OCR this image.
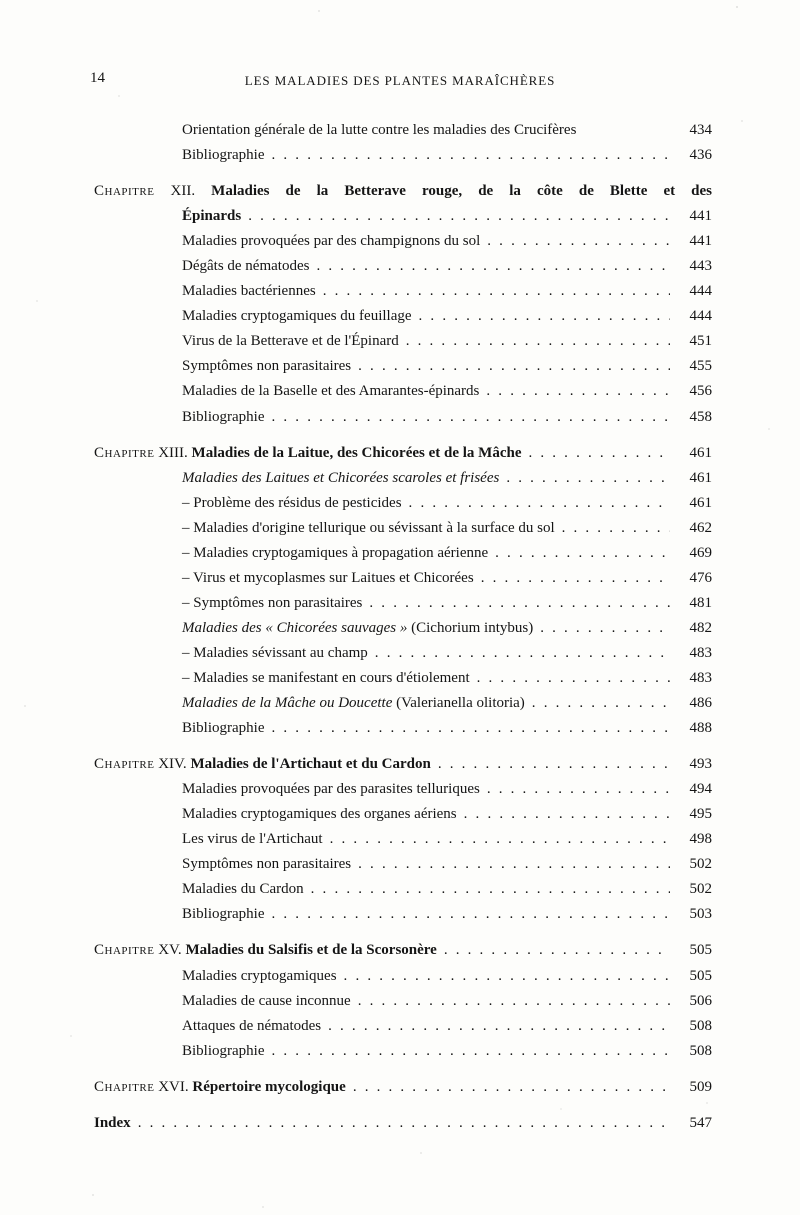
14	LES MALADIES DES PLANTES MARAÎCHÈRES
Orientation générale de la lutte contre les maladies des Crucifères	434
Bibliographie . . .	436
Chapitre XII. Maladies de la Betterave rouge, de la côte de Blette et des
Épinards . . .	441
Maladies provoquées par des champignons du sol . . .	441
Dégâts de nématodes . . .	443
Maladies bactériennes . . .	444
Maladies cryptogamiques du feuillage . . .	444
Virus de la Betterave et de l'Épinard . . .	451
Symptômes non parasitaires . . .	455
Maladies de la Baselle et des Amarantes-épinards . . .	456
Bibliographie . . .	458
Chapitre XIII. Maladies de la Laitue, des Chicorées et de la Mâche . . .	461
Maladies des Laitues et Chicorées scaroles et frisées . . .	461
– Problème des résidus de pesticides . . .	461
– Maladies d'origine tellurique ou sévissant à la surface du sol . . .	462
– Maladies cryptogamiques à propagation aérienne . . .	469
– Virus et mycoplasmes sur Laitues et Chicorées . . .	476
– Symptômes non parasitaires . . .	481
Maladies des « Chicorées sauvages » (Cichorium intybus) . . .	482
– Maladies sévissant au champ . . .	483
– Maladies se manifestant en cours d'étiolement . . .	483
Maladies de la Mâche ou Doucette (Valerianella olitoria) . . .	486
Bibliographie . . .	488
Chapitre XIV. Maladies de l'Artichaut et du Cardon . . .	493
Maladies provoquées par des parasites telluriques . . .	494
Maladies cryptogamiques des organes aériens . . .	495
Les virus de l'Artichaut . . .	498
Symptômes non parasitaires . . .	502
Maladies du Cardon . . .	502
Bibliographie . . .	503
Chapitre XV. Maladies du Salsifis et de la Scorsonère . . .	505
Maladies cryptogamiques . . .	505
Maladies de cause inconnue . . .	506
Attaques de nématodes . . .	508
Bibliographie . . .	508
Chapitre XVI. Répertoire mycologique . . .	509
Index . . .	547
